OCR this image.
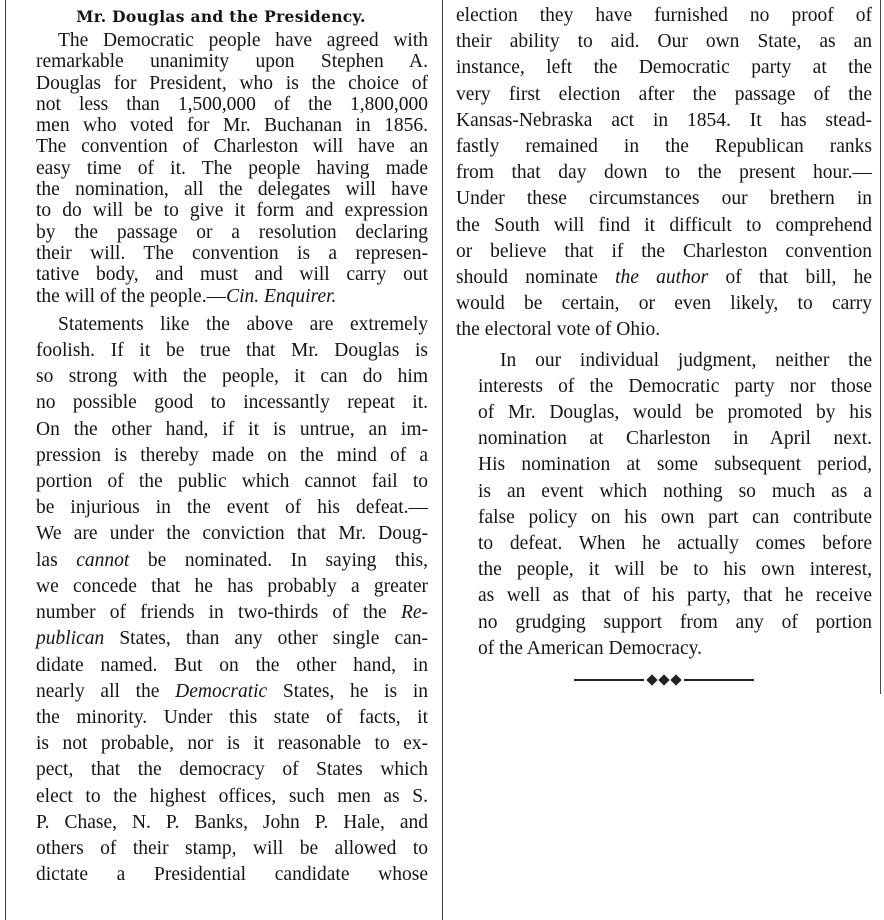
Mr. Douglas and the Presidency.

The Democratic people have agreed with
remarkable unanimity upon Stephen A.
Douglas for President, who is the choice of
not less than 1,500,000 of the 1,800,000
men who voted for Mr. Buchanan in 1856.
The convention of Charleston will have an
easy time of it. The people having made
the nomination, all the delegates will have
to do will be to give it form and expression
by the passage or a resolution declaring
their will. The convention is a represen-
tative body, and must and will carry out
the will of the people.—Cin. Enquirer.

Statements like the above are extremely
foolish. If it be true that Mr. Douglas is
so strong with the people, it can do him
no possible good to incessantly repeat it.
On the other hand, if it is untrue, an im-
pression is thereby made on the mind of a
portion of the public which cannot fail to
be injurious in the event of his defeat.—
We are under the conviction that Mr. Doug-
las cannot be nominated. In saying this,
we concede that he has probably a greater
number of friends in two-thirds of the Re-
publican States, than any other single can-
didate named. But on the other hand, in
nearly all the Democratic States, he is in
the minority. Under this state of facts, it
is not probable, nor is it reasonable to ex-
pect, that the democracy of States which
elect to the highest offices, such men as S.
P. Chase, N. P. Banks, John P. Hale, and
others of their stamp, will be allowed to
dictate a Presidential candidate whose

election they have furnished no proof of
their ability to aid. Our own State, as an
instance, left the Democratic party at the
very first election after the passage of the
Kansas-Nebraska act in 1854. It has stead-
fastly remained in the Republican ranks
from that day down to the present hour.—
Under these circumstances our brethern in
the South will find it difficult to comprehend
or believe that if the Charleston convention
should nominate the author of that bill, he
would be certain, or even likely, to carry
the electoral vote of Ohio.

In our individual judgment, neither the
interests of the Democratic party nor those
of Mr. Douglas, would be promoted by his
nomination at Charleston in April next.
His nomination at some subsequent period,
is an event which nothing so much as a
false policy on his own part can contribute
to defeat. When he actually comes before
the people, it will be to his own interest,
as well as that of his party, that he receive
no grudging support from any of portion
of the American Democracy.
